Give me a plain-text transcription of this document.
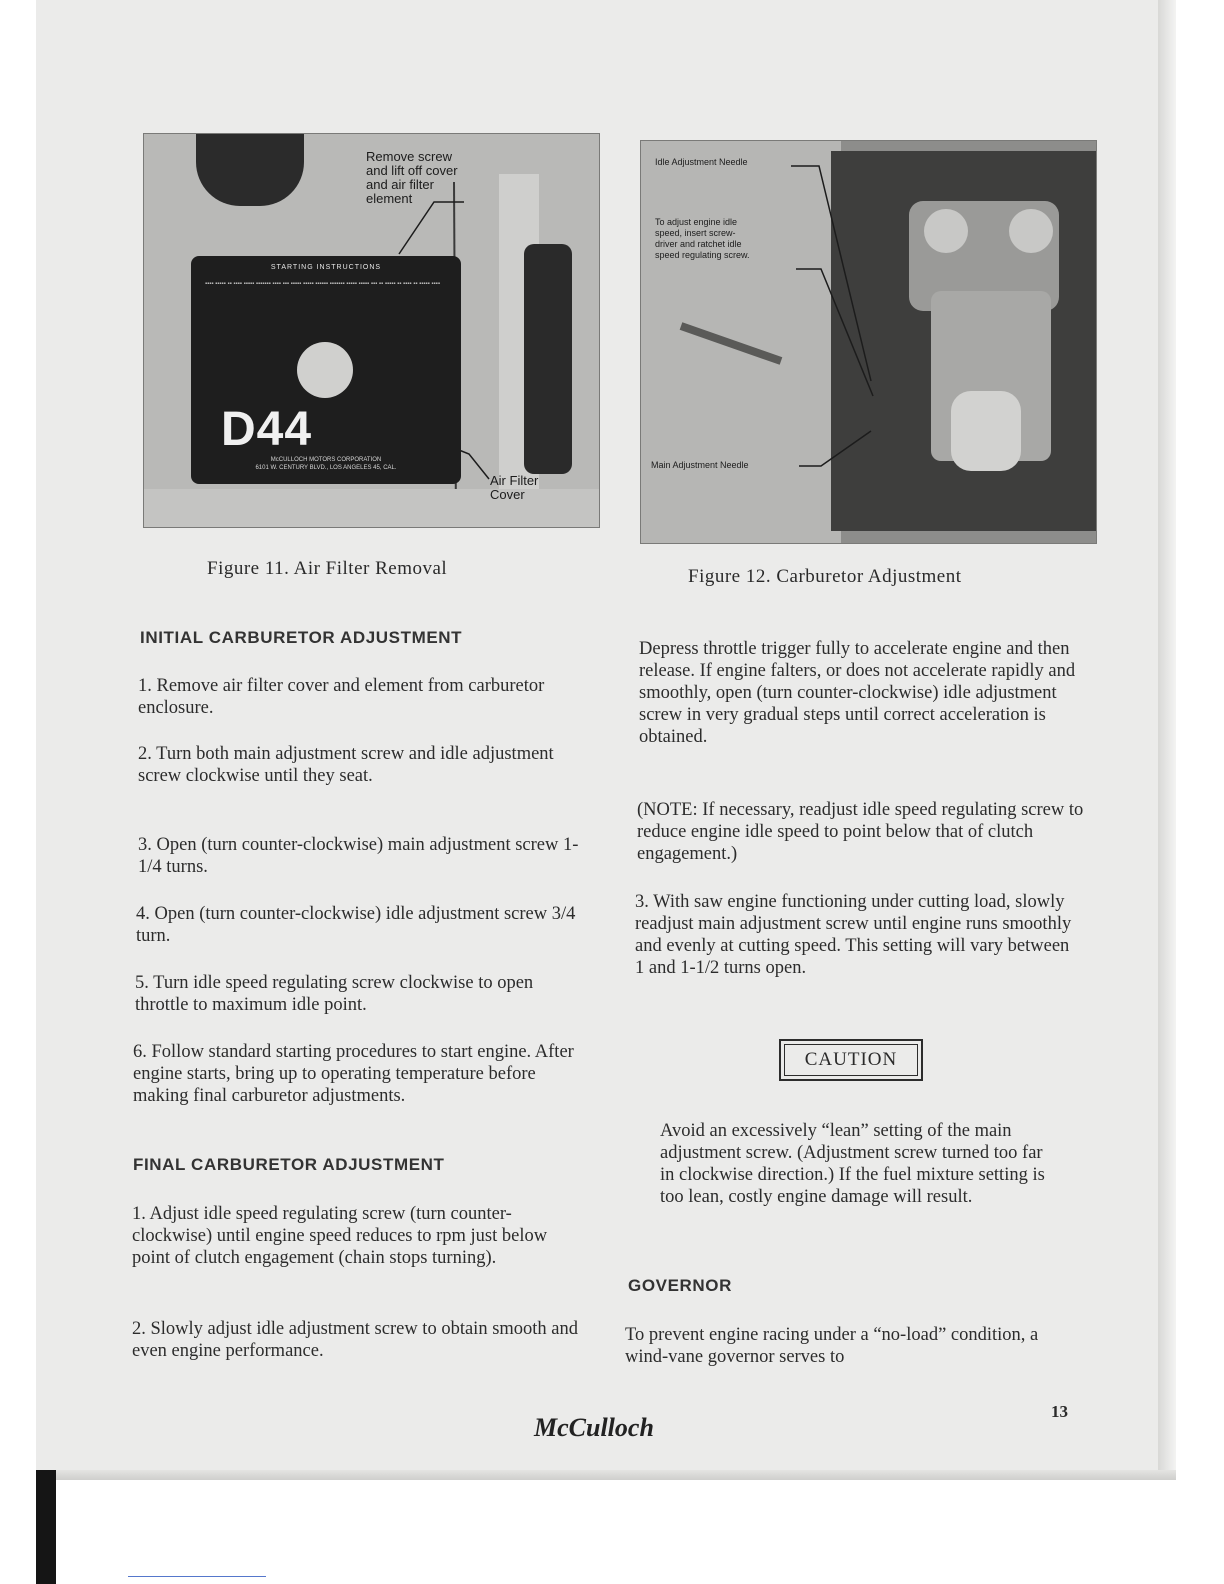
STARTING INSTRUCTIONS
▪▪▪▪ ▪▪▪▪▪ ▪▪ ▪▪▪▪ ▪▪▪▪▪ ▪▪▪▪▪▪▪ ▪▪▪▪ ▪▪▪ ▪▪▪▪▪ ▪▪▪▪▪ ▪▪▪▪▪▪ ▪▪▪▪▪▪▪ ▪▪▪▪▪ ▪▪▪▪▪ ▪▪▪ ▪▪ ▪▪▪▪▪ ▪▪ ▪▪▪▪ ▪▪ ▪▪▪▪▪ ▪▪▪▪
D44
McCULLOCH MOTORS CORPORATION
6101 W. CENTURY BLVD., LOS ANGELES 45, CAL.
Remove screw
and lift off cover
and air filter
element
Air Filter
Cover
Figure 11. Air Filter Removal
Idle Adjustment Needle
To adjust engine idle
speed, insert screw-
driver and ratchet idle
speed regulating screw.
Main Adjustment Needle
Figure 12. Carburetor Adjustment
INITIAL CARBURETOR ADJUSTMENT
1. Remove air filter cover and element from carburetor enclosure.
2. Turn both main adjustment screw and idle adjustment screw clockwise until they seat.
3. Open (turn counter-clockwise) main adjustment screw 1-1/4 turns.
4. Open (turn counter-clockwise) idle adjustment screw 3/4 turn.
5. Turn idle speed regulating screw clockwise to open throttle to maximum idle point.
6. Follow standard starting procedures to start engine. After engine starts, bring up to operating temperature before making final carburetor adjustments.
FINAL CARBURETOR ADJUSTMENT
1. Adjust idle speed regulating screw (turn counter-clockwise) until engine speed reduces to rpm just below point of clutch engagement (chain stops turning).
2. Slowly adjust idle adjustment screw to obtain smooth and even engine performance.
Depress throttle trigger fully to accelerate engine and then release. If engine falters, or does not accelerate rapidly and smoothly, open (turn counter-clockwise) idle adjustment screw in very gradual steps until correct acceleration is obtained.
(NOTE: If necessary, readjust idle speed regulating screw to reduce engine idle speed to point below that of clutch engagement.)
3. With saw engine functioning under cutting load, slowly readjust main adjustment screw until engine runs smoothly and evenly at cutting speed. This setting will vary between 1 and 1-1/2 turns open.
CAUTION
Avoid an excessively “lean” setting of the main adjustment screw. (Adjustment screw turned too far in clockwise direction.) If the fuel mixture setting is too lean, costly engine damage will result.
GOVERNOR
To prevent engine racing under a “no-load” condition, a wind-vane governor serves to
McCulloch
13
